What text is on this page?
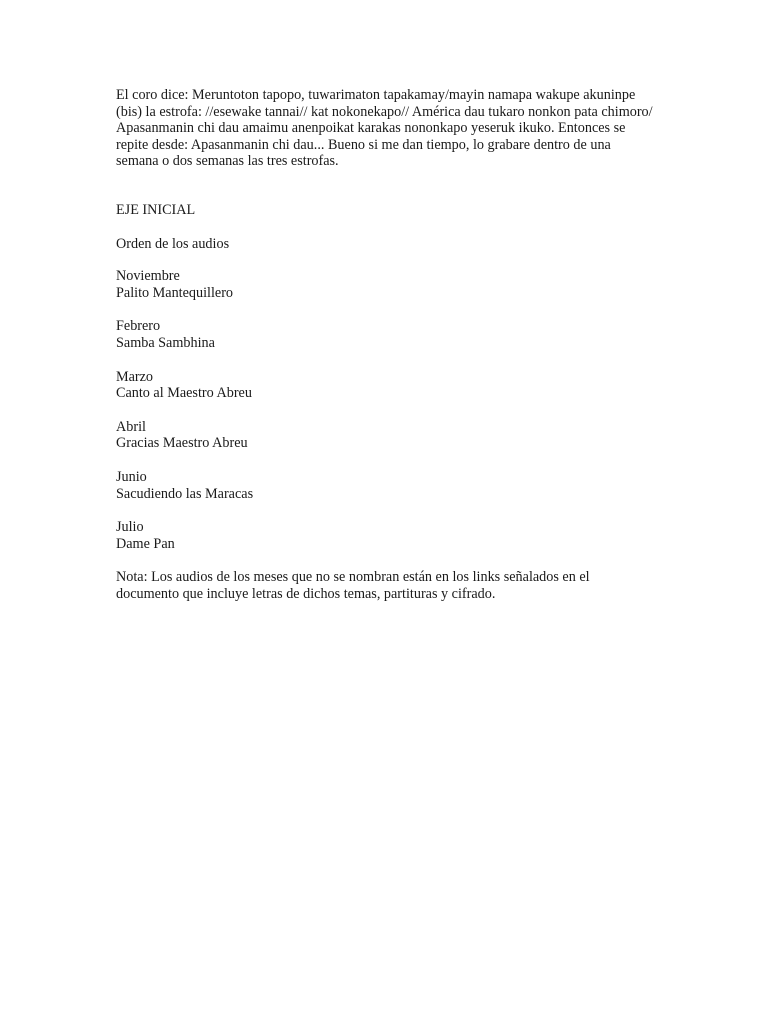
El coro dice: Meruntoton tapopo, tuwarimaton tapakamay/mayin namapa wakupe akuninpe (bis) la estrofa: //esewake tannai// kat nokonekapo// América dau tukaro nonkon pata chimoro/ Apasanmanin chi dau amaimu anenpoikat karakas nononkapo yeseruk ikuko. Entonces se repite desde: Apasanmanin chi dau... Bueno si me dan tiempo, lo grabare dentro de una semana o dos semanas las tres estrofas.

EJE INICIAL

Orden de los audios

Noviembre
Palito Mantequillero
Febrero
Samba Sambhina
Marzo
Canto al Maestro Abreu
Abril
Gracias Maestro Abreu
Junio
Sacudiendo las Maracas
Julio
Dame Pan

Nota: Los audios de los meses que no se nombran están en los links señalados en el documento que incluye letras de dichos temas, partituras y cifrado.
